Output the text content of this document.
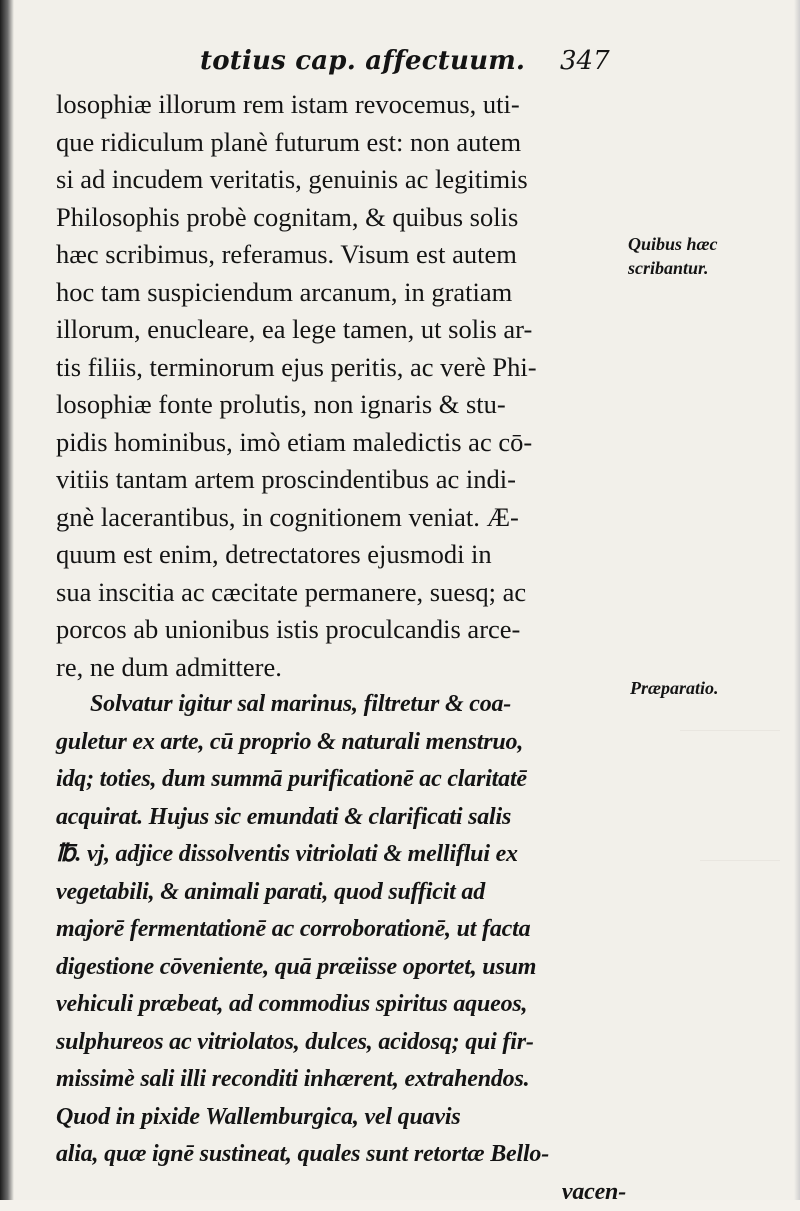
totius cap. affectuum. 347
losophiæ illorum rem istam revocemus, uti-
que ridiculum planè futurum est: non autem
si ad incudem veritatis, genuinis ac legitimis
Philosophis probè cognitam, & quibus solis
hæc scribimus, referamus. Visum est autem
hoc tam suspiciendum arcanum, in gratiam
illorum, enucleare, ea lege tamen, ut solis ar-
tis filiis, terminorum ejus peritis, ac verè Phi-
losophiæ fonte prolutis, non ignaris & stu-
pidis hominibus, imò etiam maledictis ac cō-
vitiis tantam artem proscindentibus ac indi-
gnè lacerantibus, in cognitionem veniat. Æ-
quum est enim, detrectatores ejusmodi in
sua inscitia ac cæcitate permanere, suesq; ac
porcos ab unionibus istis proculcandis arce-
re, ne dum admittere.
Solvatur igitur sal marinus, filtretur & coa-
guletur ex arte, cū proprio & naturali menstruo,
idq; toties, dum summā purificationē ac claritatē
acquirat. Hujus sic emundati & clarificati salis
℔. vj, adjice dissolventis vitriolati & melliflui ex
vegetabili, & animali parati, quod sufficit ad
majorē fermentationē ac corroborationē, ut facta
digestione cōveniente, quā præiisse oportet, usum
vehiculi præbeat, ad commodius spiritus aqueos,
sulphureos ac vitriolatos, dulces, acidosq; qui fir-
missimè sali illi reconditi inhærent, extrahendos.
Quod in pixide Wallemburgica, vel quavis
alia, quæ ignē sustineat, quales sunt retortæ Bello-
vacen-
Quibus hæc
scribantur.
Præparatio.
